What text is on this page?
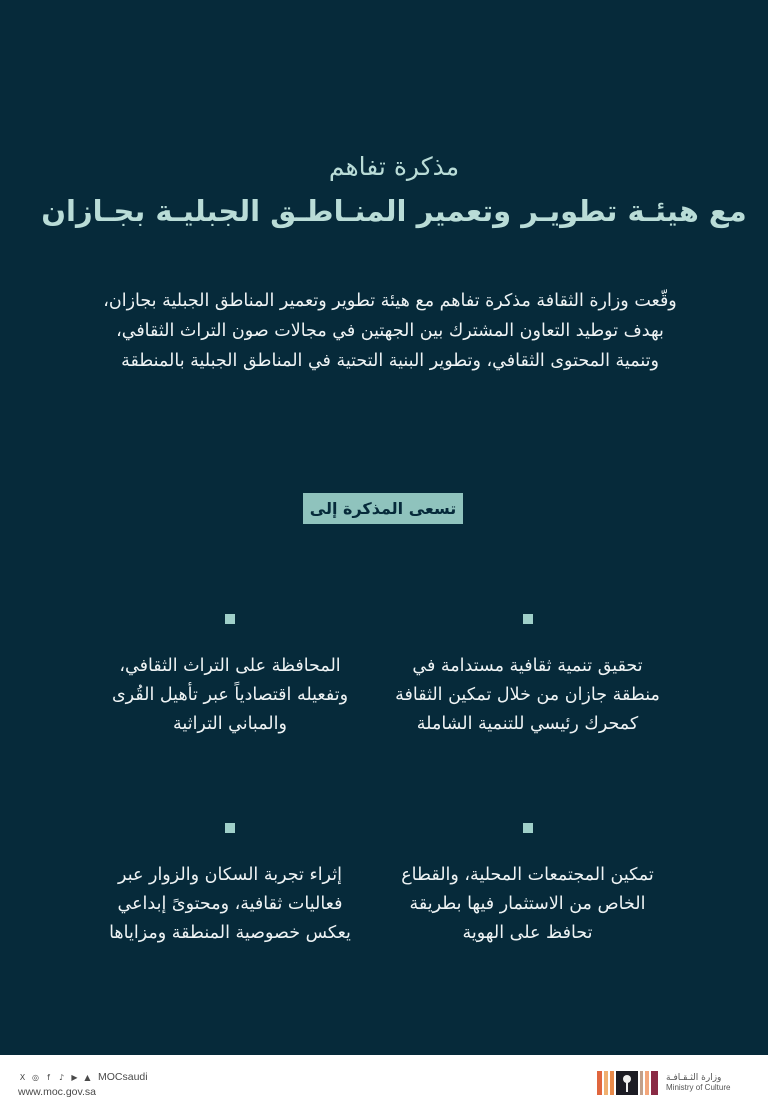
مذكرة تفاهم
مع هيئـة تطويـر وتعمير المنـاطـق الجبليـة بجـازان

وقّعت وزارة الثقافة مذكرة تفاهم مع هيئة تطوير وتعمير المناطق الجبلية بجازان، بهدف توطيد التعاون المشترك بين الجهتين في مجالات صون التراث الثقافي، وتنمية المحتوى الثقافي، وتطوير البنية التحتية في المناطق الجبلية بالمنطقة

تسعى المذكرة إلى
تحقيق تنمية ثقافية مستدامة في منطقة جازان من خلال تمكين الثقافة كمحرك رئيسي للتنمية الشاملة
المحافظة على التراث الثقافي، وتفعيله اقتصادياً عبر تأهيل القُرى والمباني التراثية
تمكين المجتمعات المحلية، والقطاع الخاص من الاستثمار فيها بطريقة تحافظ على الهوية
إثراء تجربة السكان والزوار عبر فعاليات ثقافية، ومحتوىً إبداعي يعكس خصوصية المنطقة ومزاياها
X ◎	f	♪ ▶ ▲ MOCsaudi
www.moc.gov.sa
وزارة الثـقـافـة
Ministry of Culture
